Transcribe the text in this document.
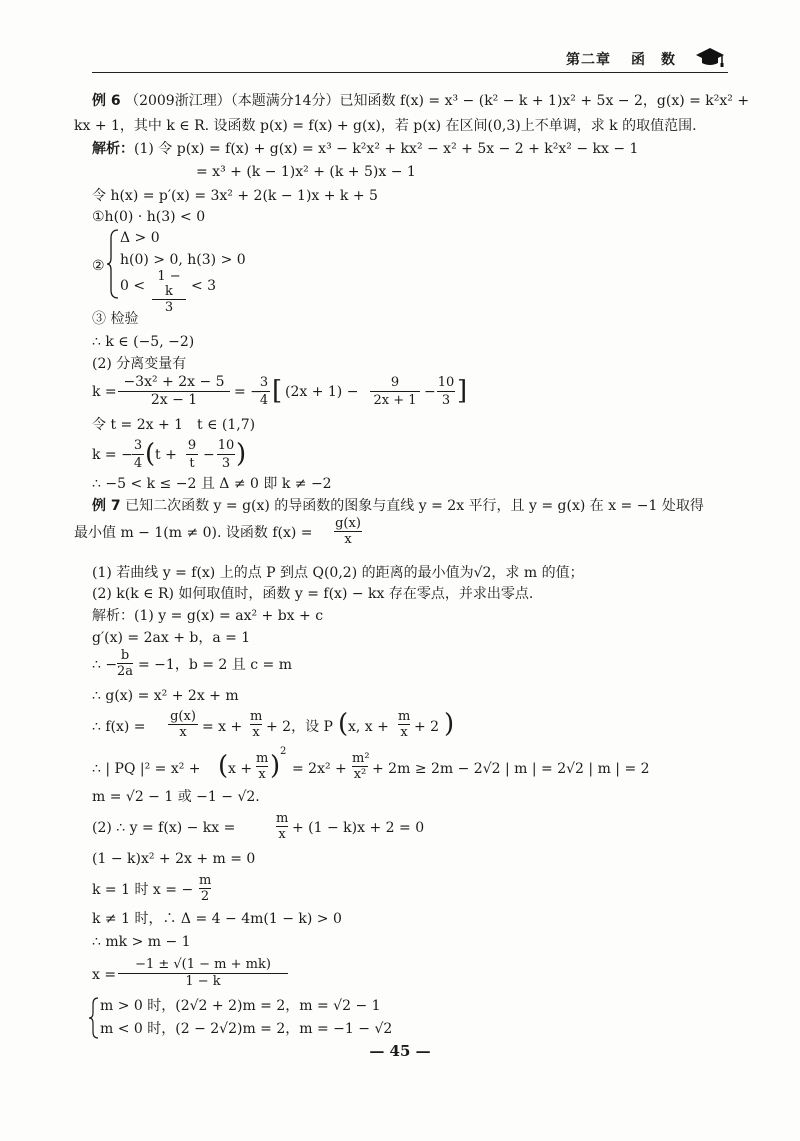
第二章 函　数
例 6 （2009浙江理）（本题满分14分）已知函数 f(x) = x³ − (k² − k + 1)x² + 5x − 2，g(x) = k²x² +
kx + 1，其中 k ∈ R. 设函数 p(x) = f(x) + g(x)，若 p(x) 在区间(0,3)上不单调，求 k 的取值范围.
解析：(1) 令 p(x) = f(x) + g(x) = x³ − k²x² + kx² − x² + 5x − 2 + k²x² − kx − 1
= x³ + (k − 1)x² + (k + 5)x − 1
令 h(x) = p′(x) = 3x² + 2(k − 1)x + k + 5
①h(0) · h(3) < 0
②
Δ > 0
h(0) > 0, h(3) > 0
$0 < \frac{1 - k}{3} < 3$
③ 检验
∴ k ∈ (−5, −2)
(2) 分离变量有
$k = \frac{\text{−3x² + 2x − 5}}{2x - 1}$ = −
$\frac{3}{4}$ [ $(2x + 1) - \frac{9}{2x + 1} - \frac{10}{3}$ ]
令 t = 2x + 1　t ∈ (1,7)
k = − $\frac{3}{4}$ ( $t + \frac{9}{t} - \frac{10}{3}$ )
∴ −5 < k ≤ −2 且 Δ ≠ 0 即 k ≠ −2
例 7 已知二次函数 y = g(x) 的导函数的图象与直线 y = 2x 平行，且 y = g(x) 在 x = −1 处取得
最小值 m − 1(m ≠ 0). 设函数 $f(x) = \frac{g(x)}{x}$
(1) 若曲线 y = f(x) 上的点 P 到点 Q(0,2) 的距离的最小值为√2，求 m 的值；
(2) k(k ∈ R) 如何取值时，函数 y = f(x) − kx 存在零点，并求出零点.
解析：(1) y = g(x) = ax² + bx + c
g′(x) = 2ax + b，a = 1
∴ − $\frac{b}{2a} = -1$，b = 2 且 c = m
∴ g(x) = x² + 2x + m
∴ $f(x) = \frac{g(x)}{x} = x + \frac{m}{x} + 2$，设 P ( x, $x + \frac{m}{x} + 2$ )
∴ | PQ |² = x² + ( $x + \frac{m}{x}$ ) 2
= $2x^2 + \frac{\text{m²}}{\text{x²}} + 2m \ge 2m - 2√2$ | m | = 2√2 | m | = 2
m = √2 − 1 或 −1 − √2.
(2) ∴ y = f(x) − kx =	$\frac{m}{x} + (1 - k)x + 2 = 0$
(1 − k)x² + 2x + m = 0
k = 1 时 x = − $\frac{m}{2}$
k ≠ 1 时，∴ Δ = 4 − 4m(1 − k) > 0
∴ mk > m − 1
$x = \frac{-1 \pm √(1 - m + mk)}{1 - k}$
m > 0 时，(2√2 + 2)m = 2，m = √2 − 1
m < 0 时，(2 − 2√2)m = 2，m = −1 − √2
— 45 —
